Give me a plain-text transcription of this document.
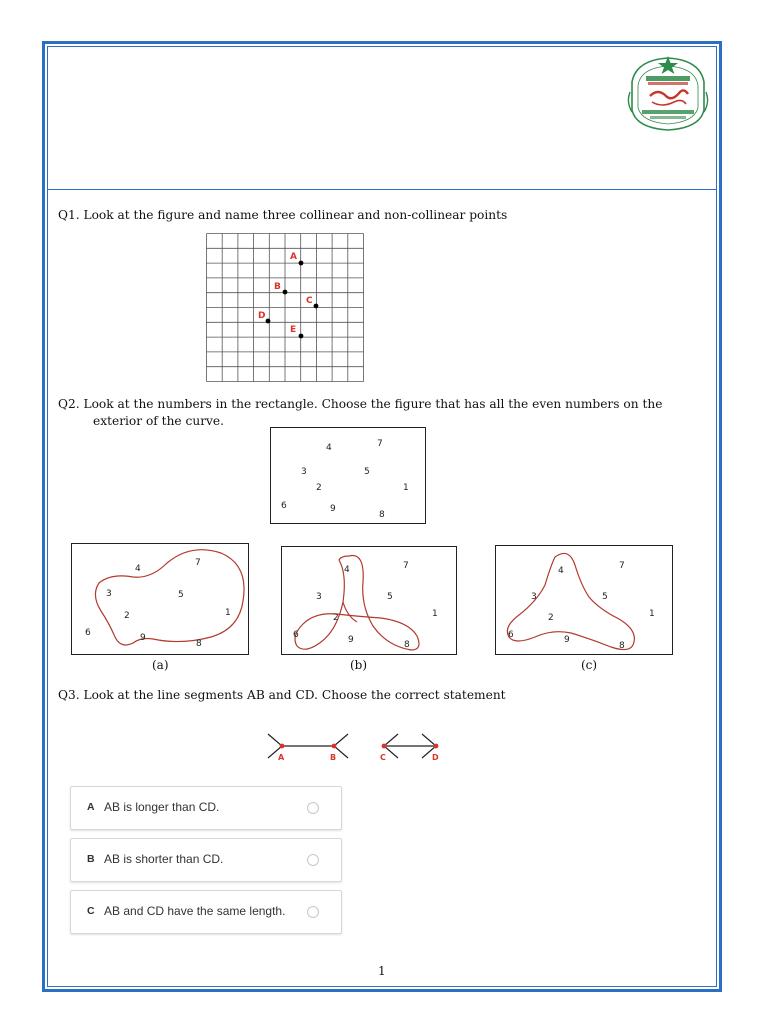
Q1. Look at the figure and name three collinear and non-collinear points
A
B
C
D
E
Q2. Look at the numbers in the rectangle. Choose the figure that has all the even numbers on the
exterior of the curve.
4	7
3	5
2	1
6	9
8
4
7
3	5
2	1
6	9
8
4	7
3	5
2	1
6	9	8
4	7
3	5
2	1
6	9
8
(a)	(b)	(c)
Q3. Look at the line segments AB and CD. Choose the correct statement
A	B	C	D
A AB is longer than CD.
B AB is shorter than CD.
C AB and CD have the same length.
1
